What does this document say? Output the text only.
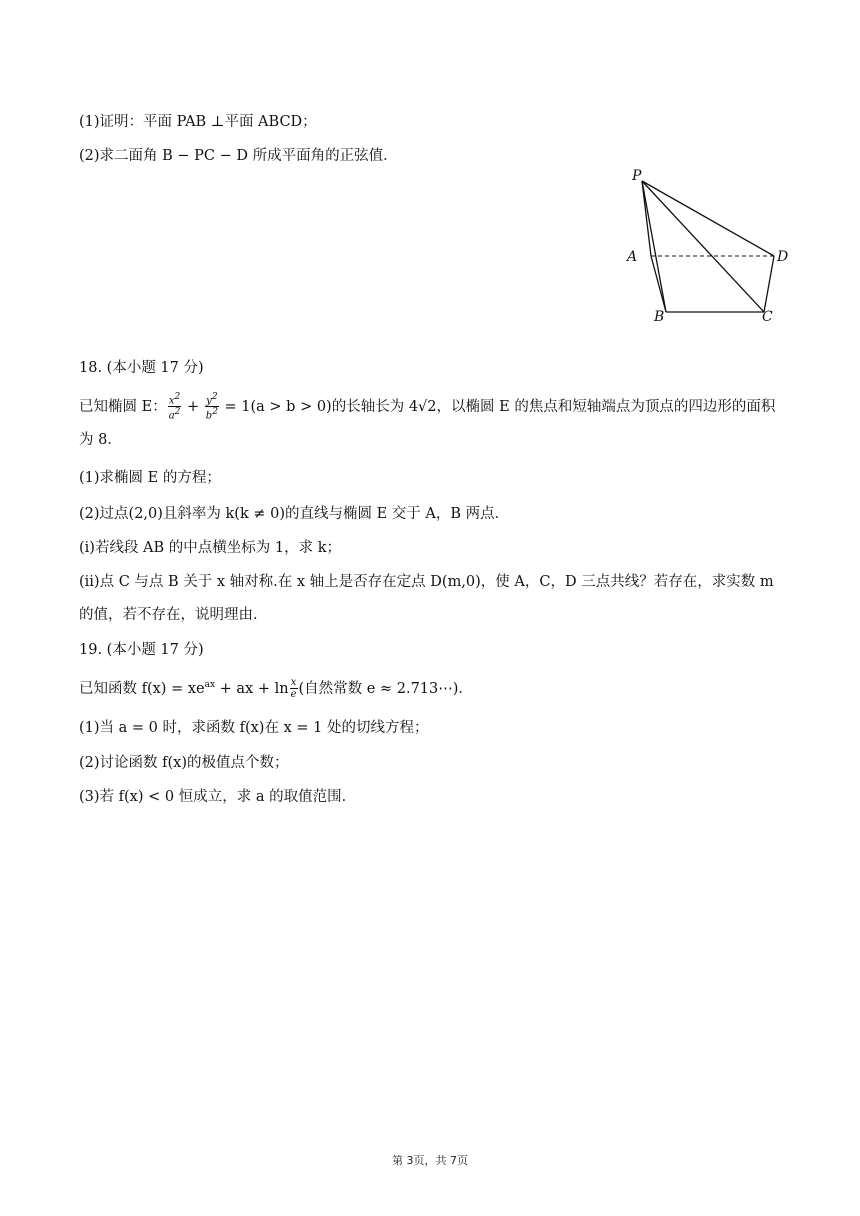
(1)证明：平面 PAB ⊥平面 ABCD；
(2)求二面角 B − PC − D 所成平面角的正弦值．
P
A	D
B	C
18. (本小题 17 分)
已知椭圆 E： $\frac{x^2}{a^2} + \frac{y^2}{b^2} = 1(a > b > 0)$的长轴长为 4√2，以椭圆 E 的焦点和短轴端点为顶点的四边形的面积
为 8．
(1)求椭圆 E 的方程；
(2)过点(2,0)且斜率为 k(k ≠ 0)的直线与椭圆 E 交于 A，B 两点．
(ⅰ)若线段 AB 的中点横坐标为 1，求 k；
(ⅱ)点 C 与点 B 关于 x 轴对称.在 x 轴上是否存在定点 D(m,0)，使 A，C，D 三点共线？若存在，求实数 m
的值，若不存在，说明理由．
19. (本小题 17 分)
已知函数 $f(x) = xe^{ax}$ + ax + $\ln \frac{x}{e}$ (自然常数 e ≈ 2.713⋯)．
(1)当 a = 0 时，求函数 f(x)在 x = 1 处的切线方程；
(2)讨论函数 f(x)的极值点个数；
(3)若 f(x) < 0 恒成立，求 a 的取值范围．
第 3页，共 7页
